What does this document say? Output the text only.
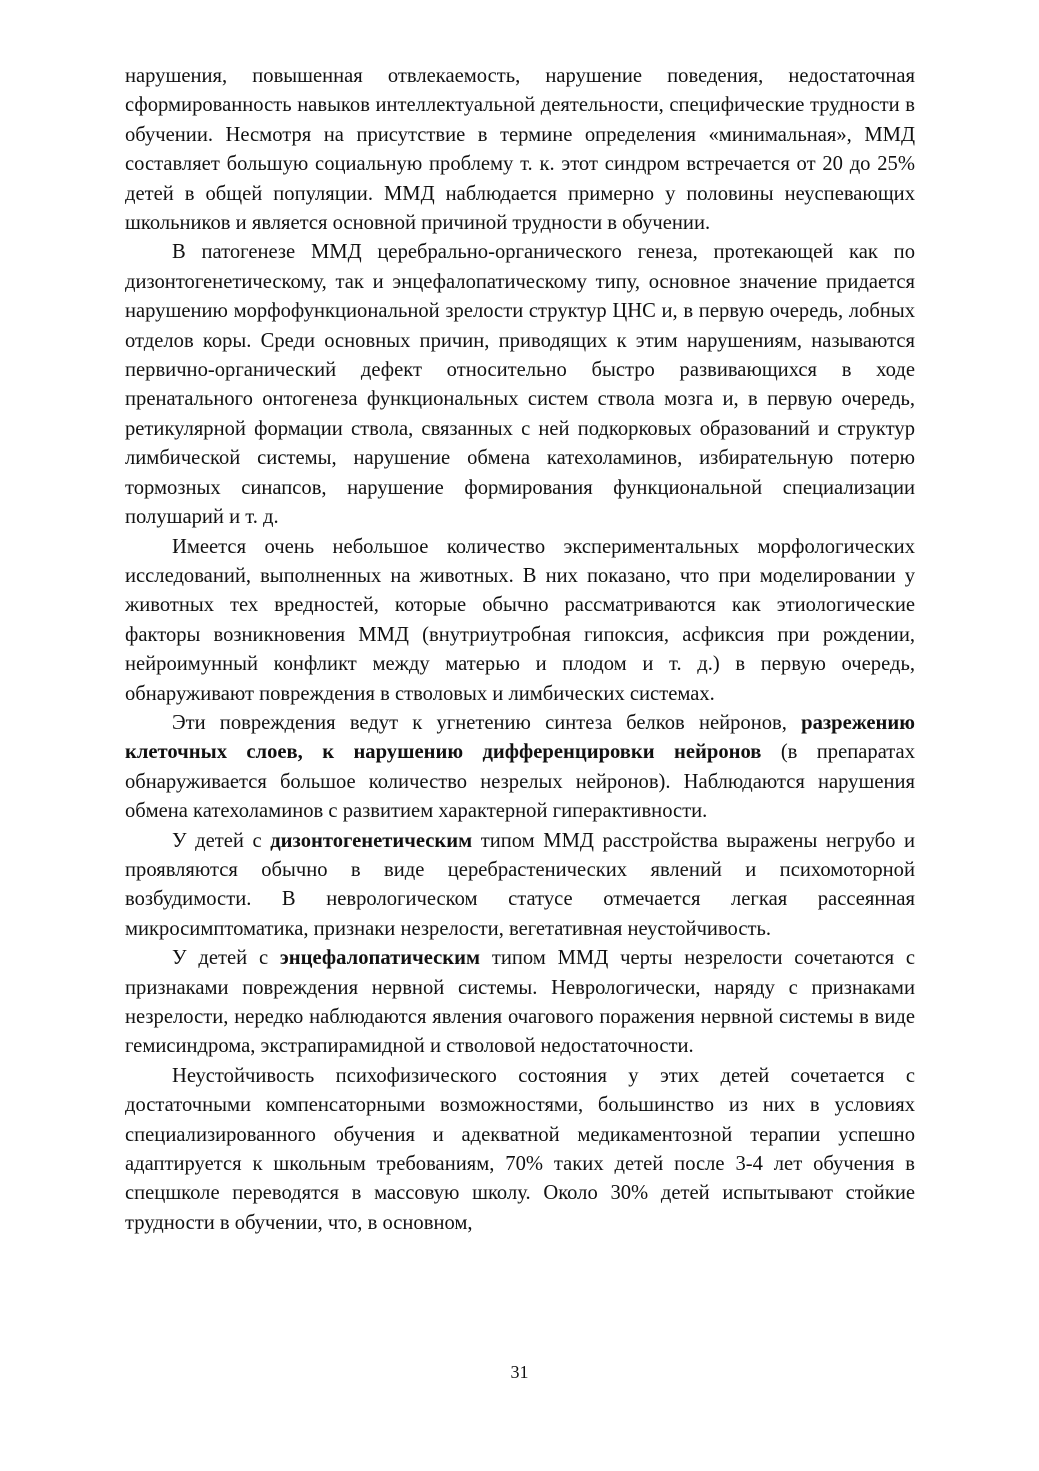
нарушения, повышенная отвлекаемость, нарушение поведения, недостаточная сформированность навыков интеллектуальной деятельности, специфические трудности в обучении. Несмотря на присутствие в термине определения «минимальная», ММД составляет большую социальную проблему т. к. этот синдром встречается от 20 до 25% детей в общей популяции. ММД наблюдается примерно у половины неуспевающих школьников и является основной причиной трудности в обучении.

В патогенезе ММД церебрально-органического генеза, протекающей как по дизонтогенетическому, так и энцефалопатическому типу, основное значение придается нарушению морфофункциональной зрелости структур ЦНС и, в первую очередь, лобных отделов коры. Среди основных причин, приводящих к этим нарушениям, называются первично-органический дефект относительно быстро развивающихся в ходе пренатального онтогенеза функциональных систем ствола мозга и, в первую очередь, ретикулярной формации ствола, связанных с ней подкорковых образований и структур лимбической системы, нарушение обмена катехоламинов, избирательную потерю тормозных синапсов, нарушение формирования функциональной специализации полушарий и т. д.

Имеется очень небольшое количество экспериментальных морфологических исследований, выполненных на животных. В них показано, что при моделировании у животных тех вредностей, которые обычно рассматриваются как этиологические факторы возникновения ММД (внутриутробная гипоксия, асфиксия при рождении, нейроимунный конфликт между матерью и плодом и т. д.) в первую очередь, обнаруживают повреждения в стволовых и лимбических системах.

Эти повреждения ведут к угнетению синтеза белков нейронов, разрежению клеточных слоев, к нарушению дифференцировки нейронов (в препаратах обнаруживается большое количество незрелых нейронов). Наблюдаются нарушения обмена катехоламинов с развитием характерной гиперактивности.

У детей с дизонтогенетическим типом ММД расстройства выражены негрубо и проявляются обычно в виде церебрастенических явлений и психомоторной возбудимости. В неврологическом статусе отмечается легкая рассеянная микросимптоматика, признаки незрелости, вегетативная неустойчивость.

У детей с энцефалопатическим типом ММД черты незрелости сочетаются с признаками повреждения нервной системы. Неврологически, наряду с признаками незрелости, нередко наблюдаются явления очагового поражения нервной системы в виде гемисиндрома, экстрапирамидной и стволовой недостаточности.

Неустойчивость психофизического состояния у этих детей сочетается с достаточными компенсаторными возможностями, большинство из них в условиях специализированного обучения и адекватной медикаментозной терапии успешно адаптируется к школьным требованиям, 70% таких детей после 3-4 лет обучения в спецшколе переводятся в массовую школу. Около 30% детей испытывают стойкие трудности в обучении, что, в основном,

31
